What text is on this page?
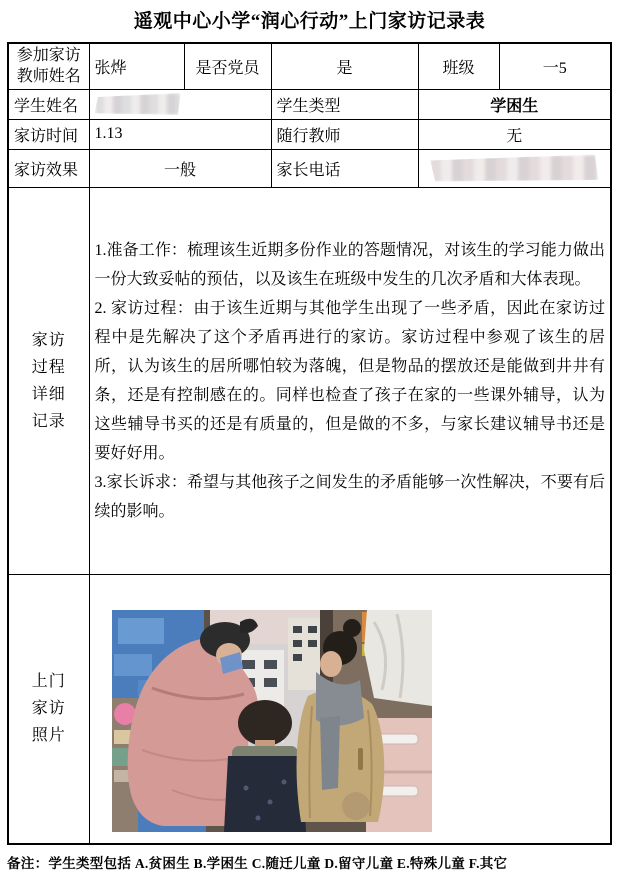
遥观中心小学“润心行动”上门家访记录表
参加家访教师姓名	张烨	是否党员	是	班级	一5
学生姓名			学生类型	学困生	
家访时间	1.13		随行教师	无	
家访效果	一般		家长电话		

家访过程详细记录	1.准备工作：梳理该生近期多份作业的答题情况，对该生的学习能力做出一份大致妥帖的预估，以及该生在班级中发生的几次矛盾和大体表现。

2. 家访过程：由于该生近期与其他学生出现了一些矛盾，因此在家访过程中是先解决了这个矛盾再进行的家访。家访过程中参观了该生的居所，认为该生的居所哪怕较为落魄，但是物品的摆放还是能做到井井有条，还是有控制感在的。同样也检查了孩子在家的一些课外辅导，认为这些辅导书买的还是有质量的，但是做的不多，与家长建议辅导书还是要好好用。

3.家长诉求：希望与其他孩子之间发生的矛盾能够一次性解决，不要有后续的影响。				

上门家访照片

备注：学生类型包括 A.贫困生 B.学困生 C.随迁儿童 D.留守儿童 E.特殊儿童 F.其它
